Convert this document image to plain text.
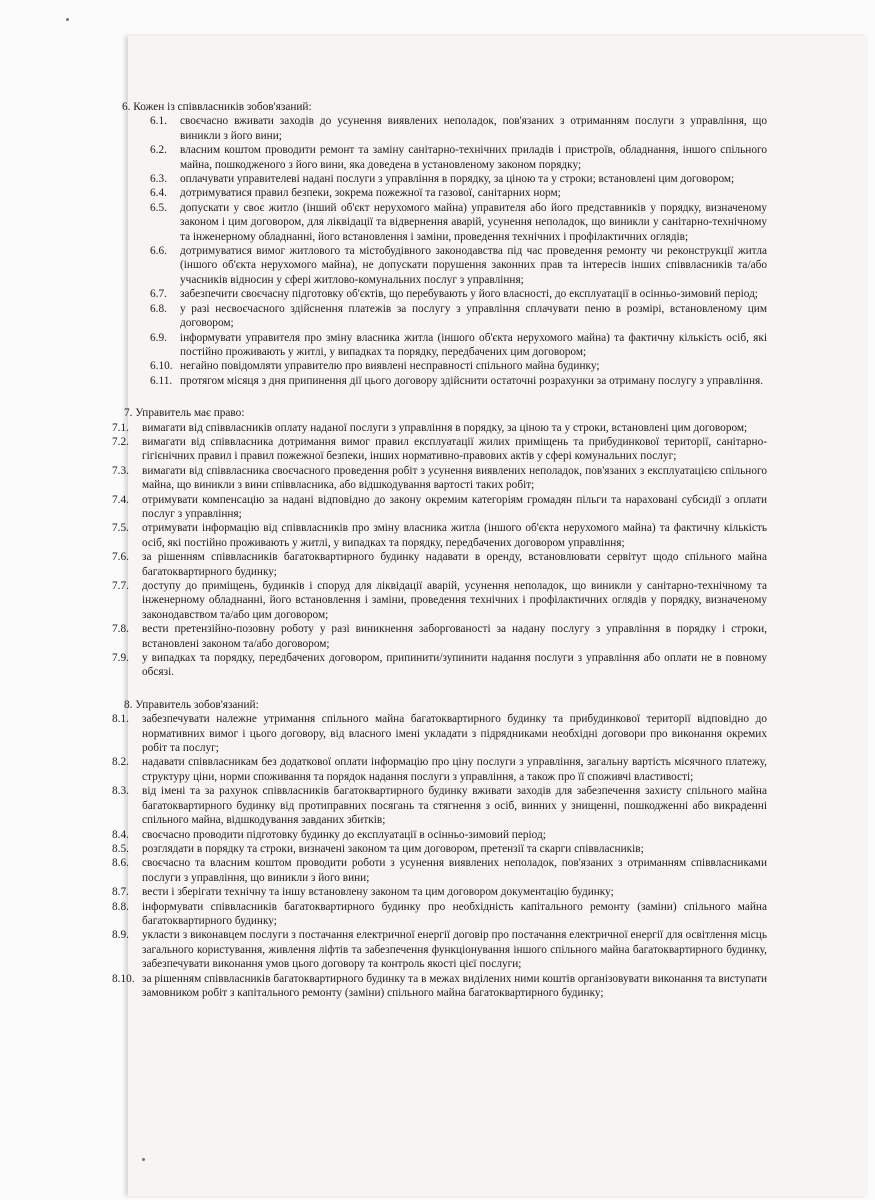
6. Кожен із співвласників зобов'язаний:

6.1.	своєчасно вживати заходів до усунення виявлених неполадок, пов'язаних з отриманням послуги з управління, що виникли з його вини;
6.2.	власним коштом проводити ремонт та заміну санітарно-технічних приладів і пристроїв, обладнання, іншого спільного майна, пошкодженого з його вини, яка доведена в установленому законом порядку;
6.3.	оплачувати управителеві надані послуги з управління в порядку, за ціною та у строки; встановлені цим договором;
6.4.	дотримуватися правил безпеки, зокрема пожежної та газової, санітарних норм;
6.5.	допускати у своє житло (інший об'єкт нерухомого майна) управителя або його представників у порядку, визначеному законом і цим договором, для ліквідації та відвернення аварій, усунення неполадок, що виникли у санітарно-технічному та інженерному обладнанні, його встановлення і заміни, проведення технічних і профілактичних оглядів;
6.6.	дотримуватися вимог житлового та містобудівного законодавства під час проведення ремонту чи реконструкції житла (іншого об'єкта нерухомого майна), не допускати порушення законних прав та інтересів інших співвласників та/або учасників відносин у сфері житлово-комунальних послуг з управління;
6.7.	забезпечити своєчасну підготовку об'єктів, що перебувають у його власності, до експлуатації в осінньо-зимовий період;
6.8.	у разі несвоєчасного здійснення платежів за послугу з управління сплачувати пеню в розмірі, встановленому цим договором;
6.9.	інформувати управителя про зміну власника житла (іншого об'єкта нерухомого майна) та фактичну кількість осіб, які постійно проживають у житлі, у випадках та порядку, передбачених цим договором;
6.10. негайно повідомляти управителю про виявлені несправності спільного майна будинку;
6.11. протягом місяця з дня припинення дії цього договору здійснити остаточні розрахунки за отриману послугу з управління.

7. Управитель має право:

7.1.	вимагати від співвласників оплату наданої послуги з управління в порядку, за ціною та у строки, встановлені цим договором;
7.2.	вимагати від співвласника дотримання вимог правил експлуатації жилих приміщень та прибудинкової території, санітарно-гігієнічних правил і правил пожежної безпеки, інших нормативно-правових актів у сфері комунальних послуг;
7.3.	вимагати від співвласника своєчасного проведення робіт з усунення виявлених неполадок, пов'язаних з експлуатацією спільного майна, що виникли з вини співвласника, або відшкодування вартості таких робіт;
7.4.	отримувати компенсацію за надані відповідно до закону окремим категоріям громадян пільги та нараховані субсидії з оплати послуг з управління;
7.5.	отримувати інформацію від співвласників про зміну власника житла (іншого об'єкта нерухомого майна) та фактичну кількість осіб, які постійно проживають у житлі, у випадках та порядку, передбачених договором управління;
7.6.	за рішенням співвласників багатоквартирного будинку надавати в оренду, встановлювати сервітут щодо спільного майна багатоквартирного будинку;
7.7.	доступу до приміщень, будинків і споруд для ліквідації аварій, усунення неполадок, що виникли у санітарно-технічному та інженерному обладнанні, його встановлення і заміни, проведення технічних і профілактичних оглядів у порядку, визначеному законодавством та/або цим договором;
7.8.	вести претензійно-позовну роботу у разі виникнення заборгованості за надану послугу з управління в порядку і строки, встановлені законом та/або договором;
7.9.	у випадках та порядку, передбачених договором, припинити/зупинити надання послуги з управління або оплати не в повному обсязі.

8. Управитель зобов'язаний:

8.1.	забезпечувати належне утримання спільного майна багатоквартирного будинку та прибудинкової території відповідно до нормативних вимог і цього договору, від власного імені укладати з підрядниками необхідні договори про виконання окремих робіт та послуг;
8.2.	надавати співвласникам без додаткової оплати інформацію про ціну послуги з управління, загальну вартість місячного платежу, структуру ціни, норми споживання та порядок надання послуги з управління, а також про її споживчі властивості;
8.3.	від імені та за рахунок співвласників багатоквартирного будинку вживати заходів для забезпечення захисту спільного майна багатоквартирного будинку від протиправних посягань та стягнення з осіб, винних у знищенні, пошкодженні або викраденні спільного майна, відшкодування завданих збитків;
8.4.	своєчасно проводити підготовку будинку до експлуатації в осінньо-зимовий період;
8.5.	розглядати в порядку та строки, визначені законом та цим договором, претензії та скарги співвласників;
8.6.	своєчасно та власним коштом проводити роботи з усунення виявлених неполадок, пов'язаних з отриманням співвласниками послуги з управління, що виникли з його вини;
8.7.	вести і зберігати технічну та іншу встановлену законом та цим договором документацію будинку;
8.8.	інформувати співвласників багатоквартирного будинку про необхідність капітального ремонту (заміни) спільного майна багатоквартирного будинку;
8.9.	укласти з виконавцем послуги з постачання електричної енергії договір про постачання електричної енергії для освітлення місць загального користування, живлення ліфтів та забезпечення функціонування іншого спільного майна багатоквартирного будинку, забезпечувати виконання умов цього договору та контроль якості цієї послуги;
8.10. за рішенням співвласників багатоквартирного будинку та в межах виділених ними коштів організовувати виконання та виступати замовником робіт з капітального ремонту (заміни) спільного майна багатоквартирного будинку;
